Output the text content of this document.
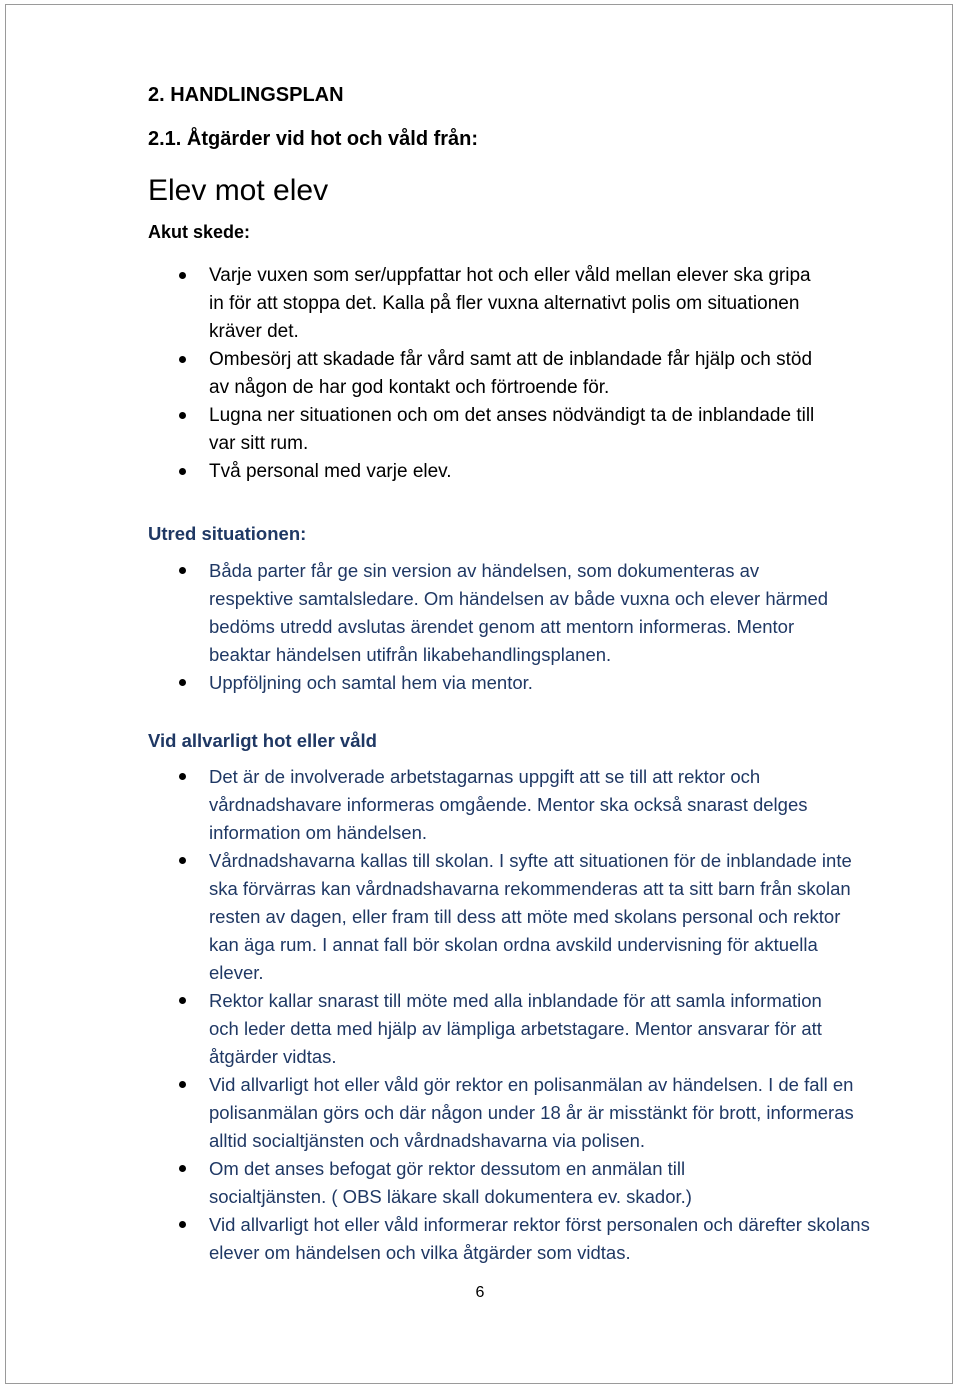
2. HANDLINGSPLAN
2.1. Åtgärder vid hot och våld från:
Elev mot elev
Akut skede:
Varje vuxen som ser/uppfattar hot och eller våld mellan elever ska gripa in för att stoppa det. Kalla på fler vuxna alternativt polis om situationen kräver det.
Ombesörj att skadade får vård samt att de inblandade får hjälp och stöd av någon de har god kontakt och förtroende för.
Lugna ner situationen och om det anses nödvändigt ta de inblandade till var sitt rum.
Två personal med varje elev.
Utred situationen:
Båda parter får ge sin version av händelsen, som dokumenteras av respektive samtalsledare. Om händelsen av både vuxna och elever härmed bedöms utredd avslutas ärendet genom att mentorn informeras. Mentor beaktar händelsen utifrån likabehandlingsplanen.
Uppföljning och samtal hem via mentor.
Vid allvarligt hot eller våld
Det är de involverade arbetstagarnas uppgift att se till att rektor och vårdnadshavare informeras omgående. Mentor ska också snarast delges information om händelsen.
Vårdnadshavarna kallas till skolan. I syfte att situationen för de inblandade inte ska förvärras kan vårdnadshavarna rekommenderas att ta sitt barn från skolan resten av dagen, eller fram till dess att möte med skolans personal och rektor kan äga rum. I annat fall bör skolan ordna avskild undervisning för aktuella elever.
Rektor kallar snarast till möte med alla inblandade för att samla information och leder detta med hjälp av lämpliga arbetstagare. Mentor ansvarar för att åtgärder vidtas.
Vid allvarligt hot eller våld gör rektor en polisanmälan av händelsen. I de fall en polisanmälan görs och där någon under 18 år är misstänkt för brott, informeras alltid socialtjänsten och vårdnadshavarna via polisen.
Om det anses befogat gör rektor dessutom en anmälan till socialtjänsten. ( OBS läkare skall dokumentera ev. skador.)
Vid allvarligt hot eller våld informerar rektor först personalen och därefter skolans elever om händelsen och vilka åtgärder som vidtas.
6
